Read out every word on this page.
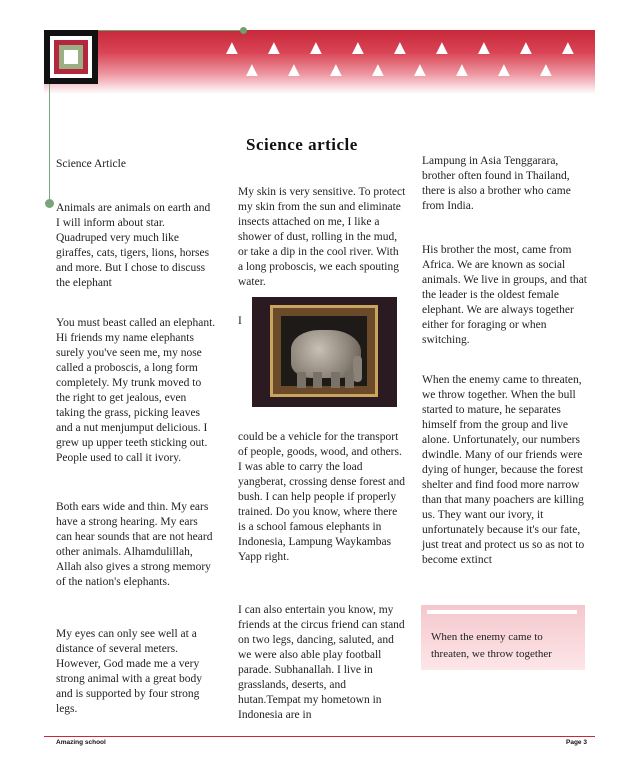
▲ ▲ ▲ ▲ ▲ ▲ ▲ ▲ ▲
▲ ▲ ▲ ▲ ▲ ▲ ▲ ▲
Science article

Science Article

Animals are animals on earth and I will inform about star. Quadruped very much like giraffes, cats, tigers, lions, horses and more. But I chose to discuss the elephant
You must beast called an elephant. Hi friends my name elephants surely you've seen me, my nose called a proboscis, a long form completely. My trunk moved to the right to get jealous, even taking the grass, picking leaves and a nut menjumput delicious. I grew up upper teeth sticking out. People used to call it ivory.
Both ears wide and thin. My ears have a strong hearing. My ears can hear sounds that are not heard other animals. Alhamdulillah, Allah also gives a strong memory of the nation's elephants.
My eyes can only see well at a distance of several meters. However, God made me a very strong animal with a great body and is supported by four strong legs.
My skin is very sensitive. To protect my skin from the sun and eliminate insects attached on me, I like a shower of dust, rolling in the mud, or take a dip in the cool river. With a long proboscis, we each spouting water.
I
could be a vehicle for the transport of people, goods, wood, and others. I was able to carry the load yangberat, crossing dense forest and bush. I can help people if properly trained. Do you know, where there is a school famous elephants in Indonesia, Lampung Waykambas Yapp right.
I can also entertain you know, my friends at the circus friend can stand on two legs, dancing, saluted, and we were also able play football parade. Subhanallah. I live in grasslands, deserts, and hutan.Tempat my hometown in Indonesia are in
Lampung in Asia Tenggarara, brother often found in Thailand, there is also a brother who came from India.
His brother the most, came from Africa. We are known as social animals. We live in groups, and that the leader is the oldest female elephant. We are always together either for foraging or when switching.
When the enemy came to threaten, we throw together. When the bull started to mature, he separates himself from the group and live alone. Unfortunately, our numbers dwindle. Many of our friends were dying of hunger, because the forest shelter and find food more narrow than that many poachers are killing us. They want our ivory, it unfortunately because it's our fate, just treat and protect us so as not to become extinct
When the enemy came to threaten, we throw together
Amazing school	Page 3
